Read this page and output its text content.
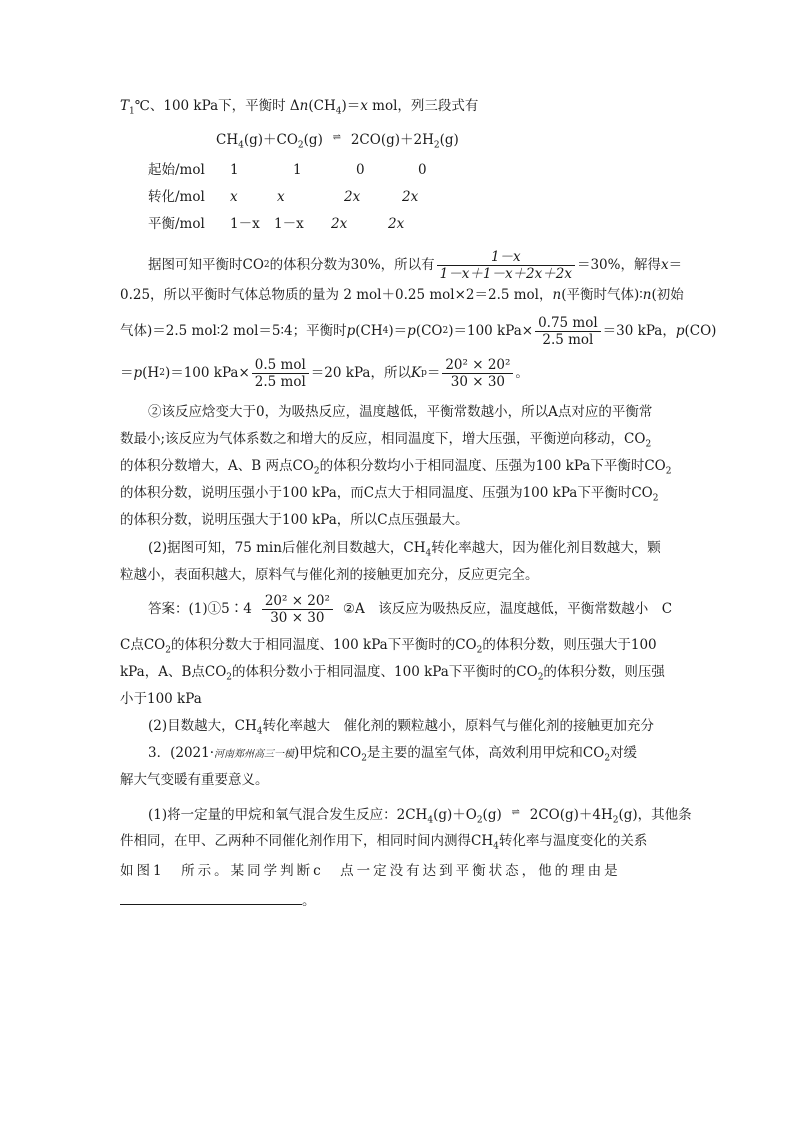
$T_1℃$、100 kPa下，平衡时 $\Delta n(CH_4)=x$ mol，列三段式有
$CH_4(g)+CO_2(g)$ ⇌ $2CO(g)+2H_2(g)$
起始/mol 1	1	0	0
转化/mol x	x	2x	2x
平衡/mol 1－x 1－x 2x	2x
据图可知平衡时CO 2 的体积分数为30%，所以有 $\frac{1-x}{1-x+1-x+2x+2x} =30\%$，解得 x ＝
0.25，所以平衡时气体总物质的量为 2 mol＋0.25 mol×2＝2.5 mol，n(平衡时气体)∶n(初始
气体)＝2.5 mol∶2 mol＝5∶4；平衡时 p (CH 4 )＝ p (CO 2 )＝100 $kPa\times \frac{\text{0.75 mol}}{\text{2.5 mol}} =30$ kPa， p (CO)
＝ p (H 2 )＝100 $kPa\times \frac{\text{0.5 mol}}{\text{2.5 mol}} =20$ kPa，所以 K $p = \frac{\text{20² × 20²}}{30 \times 30}$ 。
②该反应焓变大于0，为吸热反应，温度越低，平衡常数越小，所以A点对应的平衡常
数最小;该反应为气体系数之和增大的反应，相同温度下，增大压强，平衡逆向移动，$CO_2$
的体积分数增大，A、B 两点$CO_2$的体积分数均小于相同温度、压强为100 kPa下平衡时$CO_2$
的体积分数，说明压强小于100 kPa，而C点大于相同温度、压强为100 kPa下平衡时$CO_2$
的体积分数，说明压强大于100 kPa，所以C点压强最大。
(2)据图可知，75 min后催化剂目数越大，$CH_4$转化率越大，因为催化剂目数越大，颗
粒越小，表面积越大，原料气与催化剂的接触更加充分，反应更完全。
答案：(1)①5∶4 $\frac{\text{20² × 20²}}{30 \times 30}$ ②A　该反应为吸热反应，温度越低，平衡常数越小　C
C点$CO_2$的体积分数大于相同温度、100 kPa下平衡时的$CO_2$的体积分数，则压强大于100
kPa，A、B点$CO_2$的体积分数小于相同温度、100 kPa下平衡时的$CO_2$的体积分数，则压强
小于100 kPa
(2)目数越大，$CH_4$转化率越大　催化剂的颗粒越小，原料气与催化剂的接触更加充分
3．(2021·河南郑州高三一模)甲烷和$CO_2$是主要的温室气体，高效利用甲烷和$CO_2$对缓
解大气变暖有重要意义。
(1)将一定量的甲烷和氧气混合发生反应：$2CH_4(g)+O_2(g)$ ⇌ $2CO(g)+4H_2(g)$，其他条
件相同，在甲、乙两种不同催化剂作用下，相同时间内测得$CH_4$转化率与温度变化的关系
如图1　所示。某同学判断c　点一定没有达到平衡状态，他的理由是
。
